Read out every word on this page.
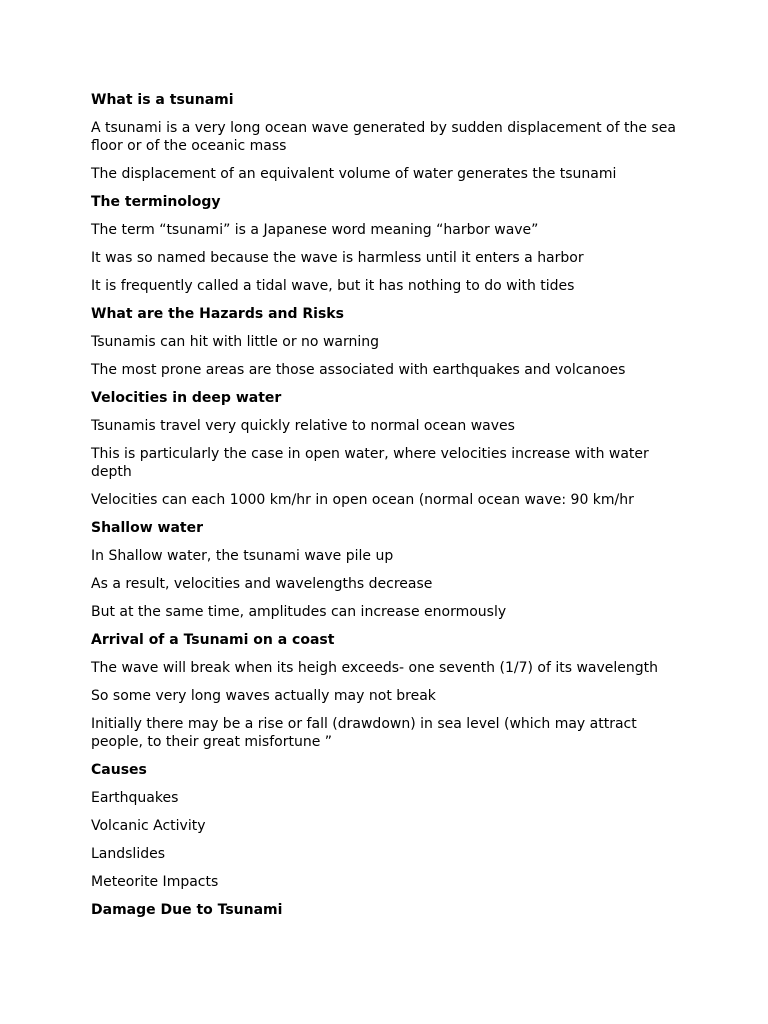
What is a tsunami
A tsunami is a very long ocean wave generated by sudden displacement of the sea floor or of the oceanic mass
The displacement of an equivalent volume of water generates the tsunami
The terminology
The term “tsunami” is a Japanese word meaning “harbor wave”
It was so named because the wave is harmless until it enters a harbor
It is frequently called a tidal wave, but it has nothing to do with tides
What are the Hazards and Risks
Tsunamis can hit with little or no warning
The most prone areas are those associated with earthquakes and volcanoes
Velocities in deep water
Tsunamis travel very quickly relative to normal ocean waves
This is particularly the case in open water, where velocities increase with water depth
Velocities can each 1000 km/hr in open ocean (normal ocean wave: 90 km/hr
Shallow water
In Shallow water, the tsunami wave pile up
As a result, velocities and wavelengths decrease
But at the same time, amplitudes can increase enormously
Arrival of a Tsunami on a coast
The wave will break when its heigh exceeds- one seventh (1/7) of its wavelength
So some very long waves actually may not break
Initially there may be a rise or fall (drawdown) in sea level (which may attract people, to their great misfortune ”
Causes
Earthquakes
Volcanic Activity
Landslides
Meteorite Impacts
Damage Due to Tsunami
